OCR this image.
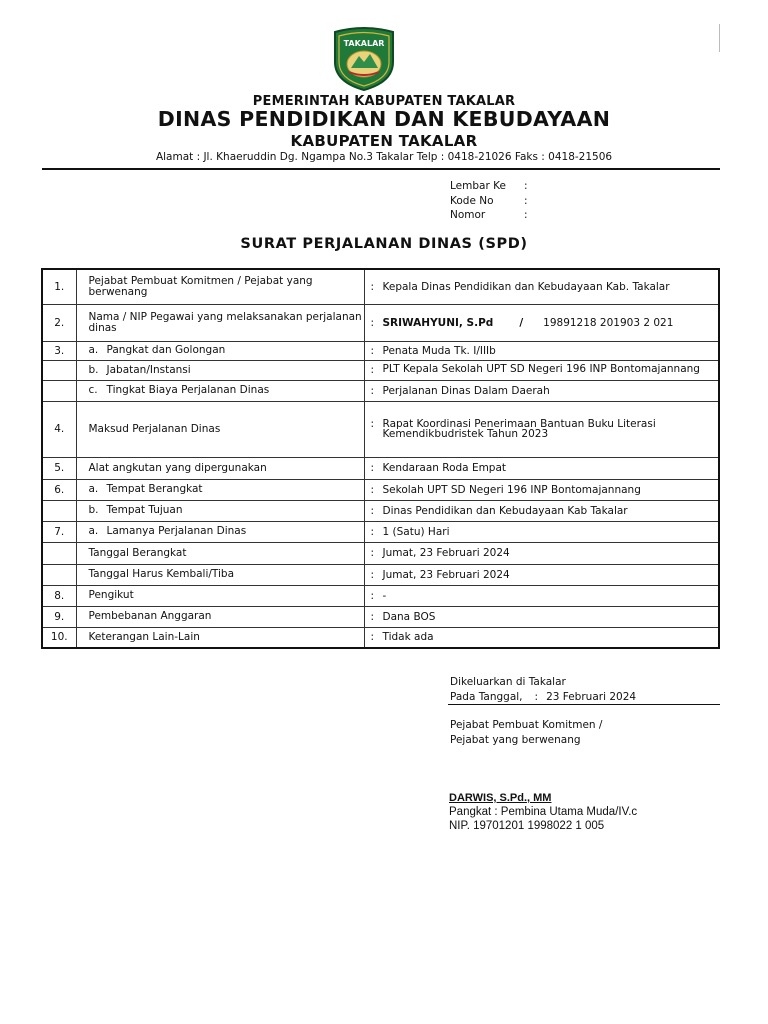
TAKALAR
PEMERINTAH KABUPATEN TAKALAR
DINAS PENDIDIKAN DAN KEBUDAYAAN
KABUPATEN TAKALAR
Alamat : Jl. Khaeruddin Dg. Ngampa No.3 Takalar Telp : 0418-21026 Faks : 0418-21506
Lembar Ke :
Kode No	:
Nomor	:
SURAT PERJALANAN DINAS (SPD)
1.	Pejabat Pembuat Komitmen / Pejabat yang berwenang	: Kepala Dinas Pendidikan dan Kebudayaan Kab. Takalar
2.	Nama / NIP Pegawai yang melaksanakan perjalanan dinas	: SRIWAHYUNI, S.Pd / 19891218 201903 2 021
3.	a. Pangkat dan Golongan	: Penata Muda Tk. I/IIIb
	b. Jabatan/Instansi	: PLT Kepala Sekolah UPT SD Negeri 196 INP Bontomajannang
	c. Tingkat Biaya Perjalanan Dinas	: Perjalanan Dinas Dalam Daerah
4.	Maksud Perjalanan Dinas	: Rapat Koordinasi Penerimaan Bantuan Buku Literasi Kemendikbudristek Tahun 2023
5.	Alat angkutan yang dipergunakan	: Kendaraan Roda Empat
6.	a. Tempat Berangkat	: Sekolah UPT SD Negeri 196 INP Bontomajannang
	b. Tempat Tujuan	: Dinas Pendidikan dan Kebudayaan Kab Takalar
7.	a. Lamanya Perjalanan Dinas	: 1 (Satu) Hari
	Tanggal Berangkat	: Jumat, 23 Februari 2024
	Tanggal Harus Kembali/Tiba	: Jumat, 23 Februari 2024
8.	Pengikut	: -
9.	Pembebanan Anggaran	: Dana BOS
10.	Keterangan Lain-Lain	: Tidak ada
Dikeluarkan di Takalar
Pada Tanggal, : 23 Februari 2024
Pejabat Pembuat Komitmen /
Pejabat yang berwenang
DARWIS, S.Pd., MM
Pangkat : Pembina Utama Muda/IV.c
NIP. 19701201 1998022 1 005
